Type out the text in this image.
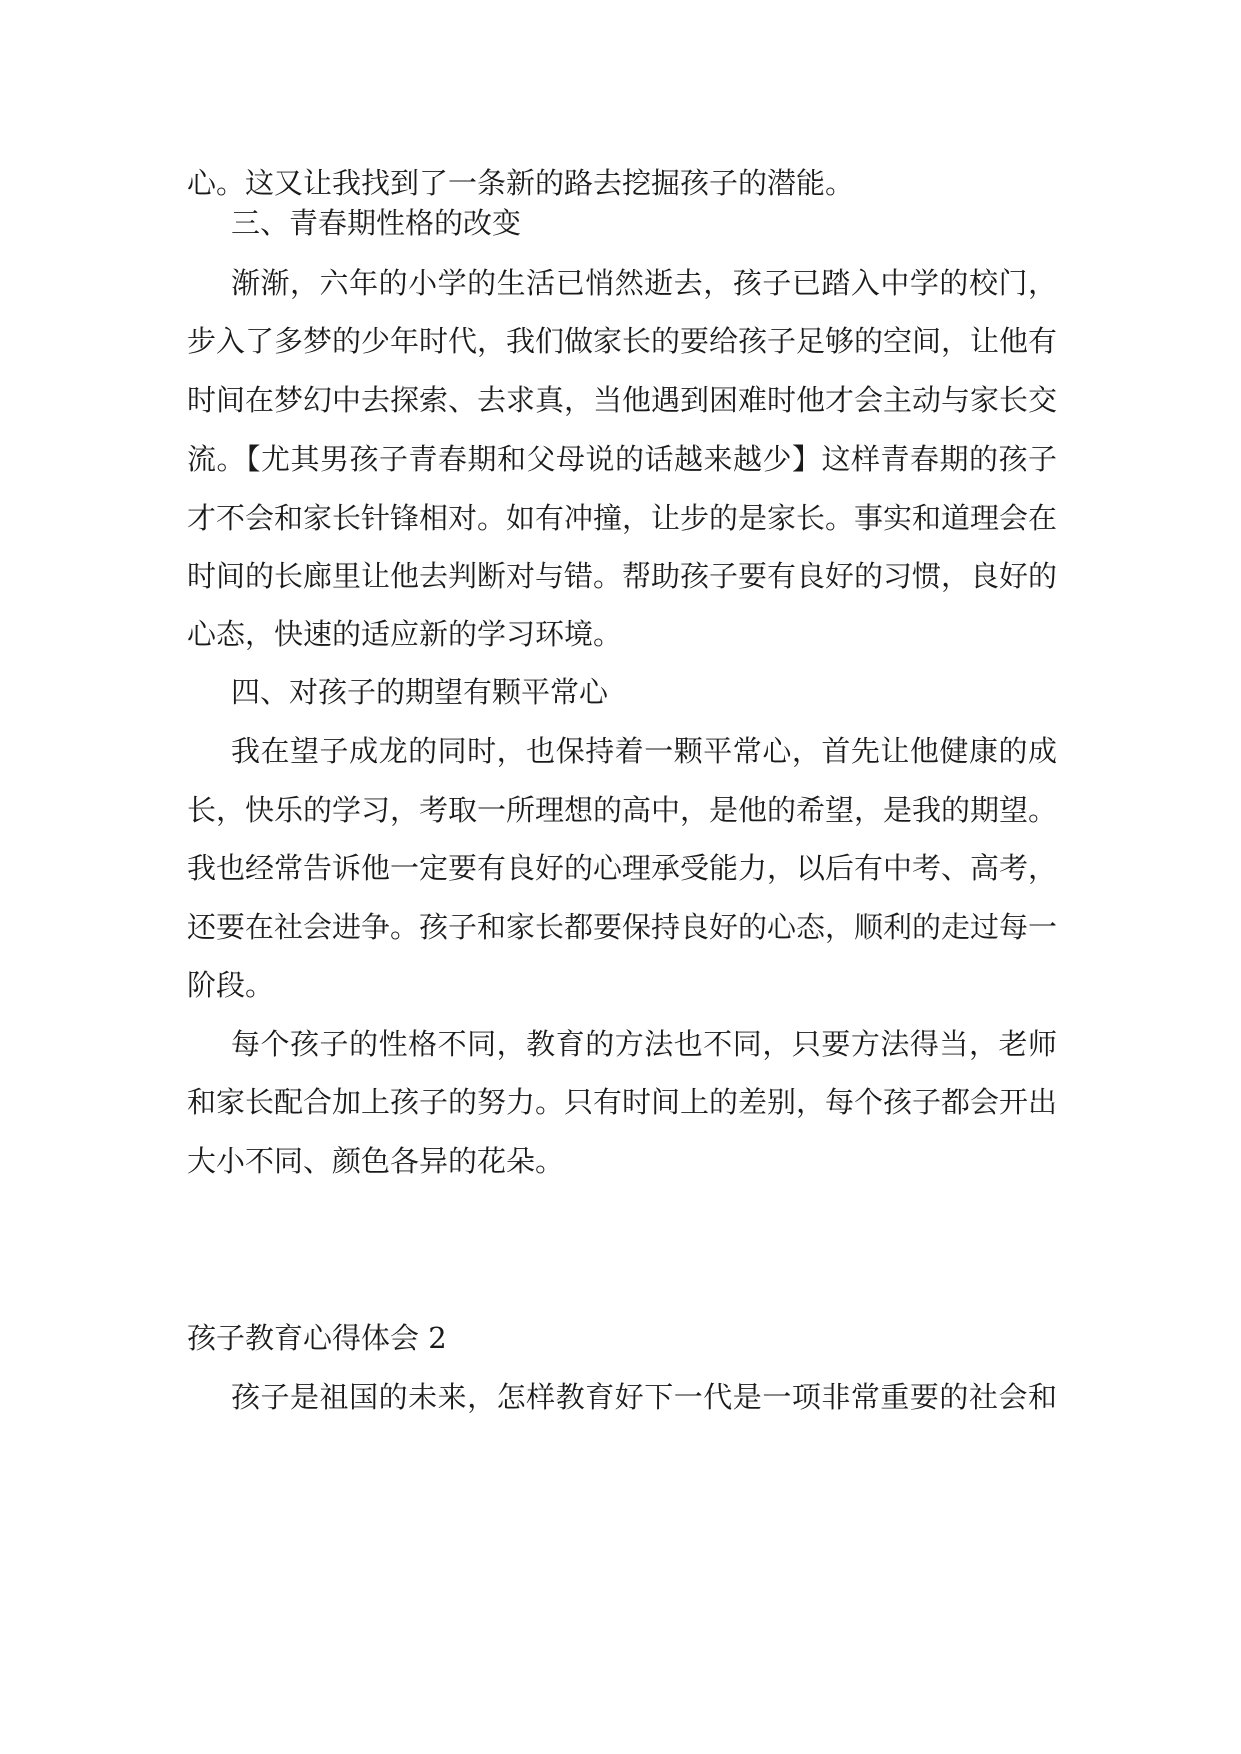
心。这又让我找到了一条新的路去挖掘孩子的潜能。
三、青春期性格的改变
渐渐，六年的小学的生活已悄然逝去，孩子已踏入中学的校门，
步入了多梦的少年时代，我们做家长的要给孩子足够的空间，让他有
时间在梦幻中去探索、去求真，当他遇到困难时他才会主动与家长交
流。【尤其男孩子青春期和父母说的话越来越少】这样青春期的孩子
才不会和家长针锋相对。如有冲撞，让步的是家长。事实和道理会在
时间的长廊里让他去判断对与错。帮助孩子要有良好的习惯，良好的
心态，快速的适应新的学习环境。
四、对孩子的期望有颗平常心
我在望子成龙的同时，也保持着一颗平常心，首先让他健康的成
长，快乐的学习，考取一所理想的高中，是他的希望，是我的期望。
我也经常告诉他一定要有良好的心理承受能力，以后有中考、高考，
还要在社会进争。孩子和家长都要保持良好的心态，顺利的走过每一
阶段。
每个孩子的性格不同，教育的方法也不同，只要方法得当，老师
和家长配合加上孩子的努力。只有时间上的差别，每个孩子都会开出
大小不同、颜色各异的花朵。
孩子教育心得体会 2
孩子是祖国的未来，怎样教育好下一代是一项非常重要的社会和
